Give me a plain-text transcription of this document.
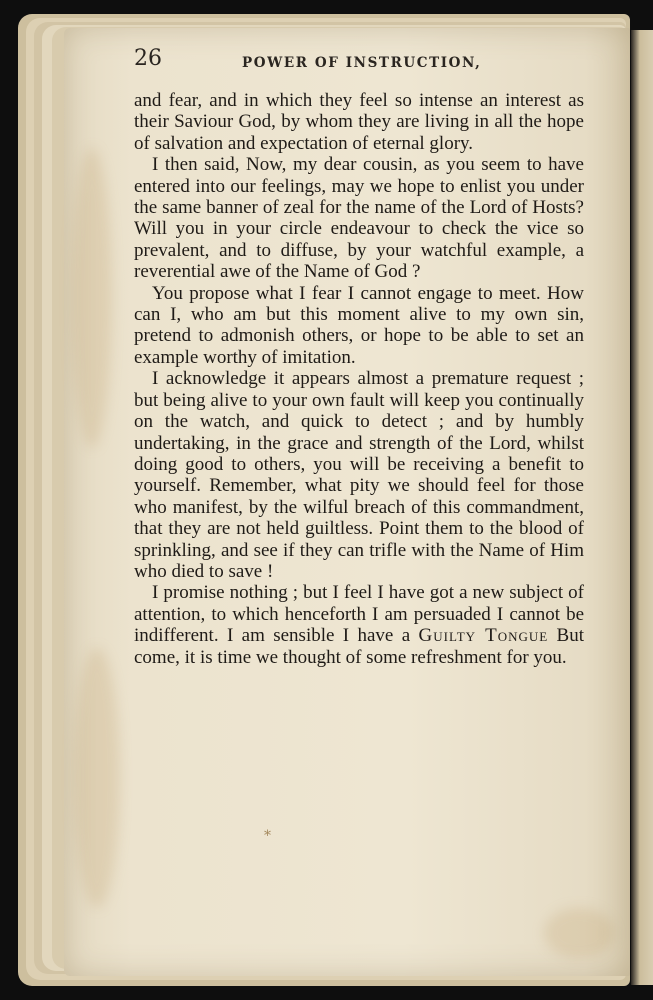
26	POWER OF INSTRUCTION,

and fear, and in which they feel so intense an interest as their Saviour God, by whom they are living in all the hope of salvation and expectation of eternal glory.

I then said, Now, my dear cousin, as you seem to have entered into our feelings, may we hope to enlist you under the same banner of zeal for the name of the Lord of Hosts? Will you in your circle endeavour to check the vice so prevalent, and to diffuse, by your watchful example, a reverential awe of the Name of God ?

You propose what I fear I cannot engage to meet. How can I, who am but this moment alive to my own sin, pretend to admonish others, or hope to be able to set an example worthy of imitation.

I acknowledge it appears almost a premature request ; but being alive to your own fault will keep you continually on the watch, and quick to detect ; and by humbly undertaking, in the grace and strength of the Lord, whilst doing good to others, you will be receiving a benefit to yourself. Remember, what pity we should feel for those who manifest, by the wilful breach of this commandment, that they are not held guiltless. Point them to the blood of sprinkling, and see if they can trifle with the Name of Him who died to save !

I promise nothing ; but I feel I have got a new subject of attention, to which henceforth I am persuaded I cannot be indifferent. I am sensible I have a Guilty Tongue But come, it is time we thought of some refreshment for you.

*
